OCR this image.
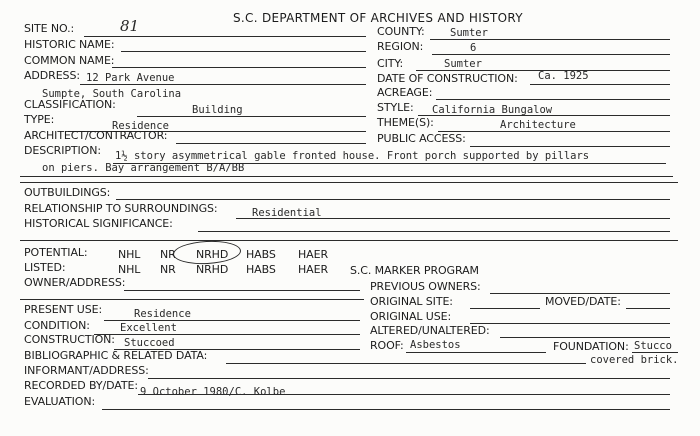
S.C. DEPARTMENT OF ARCHIVES AND HISTORY
SITE NO.:	81
HISTORIC NAME:
COMMON NAME:
ADDRESS: 12 Park Avenue
Sumpte, South Carolina
CLASSIFICATION:	Building
TYPE:	Residence
ARCHITECT/CONTRACTOR:
DESCRIPTION: 1½ story asymmetrical gable fronted house. Front porch supported by pillars
on piers. Bay arrangement B/A/BB
COUNTY: Sumter
REGION:	6
CITY:	Sumter
DATE OF CONSTRUCTION: Ca. 1925
ACREAGE:
STYLE: California Bungalow
THEME(S):	Architecture
PUBLIC ACCESS:
OUTBUILDINGS:
RELATIONSHIP TO SURROUNDINGS:	Residential
HISTORICAL SIGNIFICANCE:
POTENTIAL:	NHL NR NRHD HABS HAER
LISTED:	NHL NR NRHD HABS HAER S.C. MARKER PROGRAM
OWNER/ADDRESS:	PREVIOUS OWNERS:
ORIGINAL SITE:	MOVED/DATE:
ORIGINAL USE:
ALTERED/UNALTERED:
ROOF: Asbestos	FOUNDATION: Stucco
covered brick.
PRESENT USE:	Residence
CONDITION:	Excellent
CONSTRUCTION: Stuccoed
BIBLIOGRAPHIC & RELATED DATA:
INFORMANT/ADDRESS:
RECORDED BY/DATE: 9 October 1980/C. Kolbe
EVALUATION:
